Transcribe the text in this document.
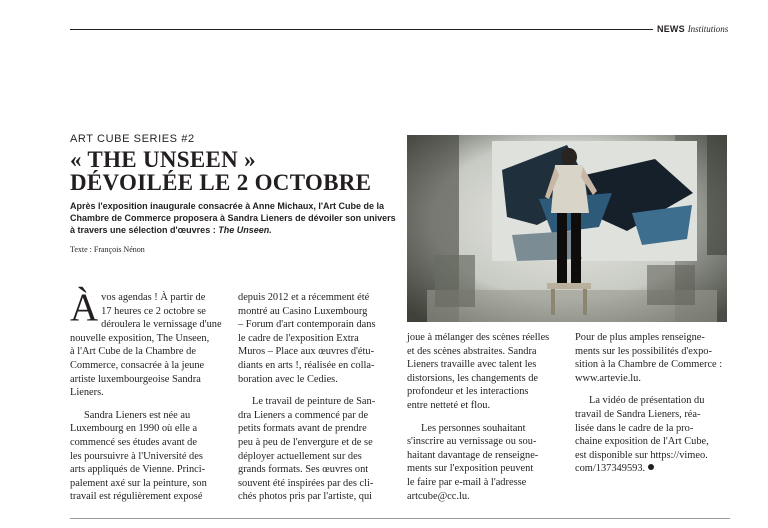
NEWS Institutions
ART CUBE SERIES #2
« THE UNSEEN »
DÉVOILÉE LE 2 OCTOBRE
Après l'exposition inaugurale consacrée à Anne Michaux, l'Art Cube de la Chambre de Commerce proposera à Sandra Lieners de dévoiler son univers à travers une sélection d'œuvres : The Unseen.
Texte : François Nénon

À vos agendas ! À partir de
17 heures ce 2 octobre se
déroulera le vernissage d'une
nouvelle exposition, The Unseen,
à l'Art Cube de la Chambre de
Commerce, consacrée à la jeune
artiste luxembourgeoise Sandra
Lieners.

Sandra Lieners est née au
Luxembourg en 1990 où elle a
commencé ses études avant de
les poursuivre à l'Université des
arts appliqués de Vienne. Princi-
palement axé sur la peinture, son
travail est régulièrement exposé

depuis 2012 et a récemment été
montré au Casino Luxembourg
– Forum d'art contemporain dans
le cadre de l'exposition Extra
Muros – Place aux œuvres d'étu-
diants en arts !, réalisée en colla-
boration avec le Cedies.

Le travail de peinture de San-
dra Lieners a commencé par de
petits formats avant de prendre
peu à peu de l'envergure et de se
déployer actuellement sur des
grands formats. Ses œuvres ont
souvent été inspirées par des cli-
chés photos pris par l'artiste, qui

joue à mélanger des scènes réelles
et des scènes abstraites. Sandra
Lieners travaille avec talent les
distorsions, les changements de
profondeur et les interactions
entre netteté et flou.

Les personnes souhaitant
s'inscrire au vernissage ou sou-
haitant davantage de renseigne-
ments sur l'exposition peuvent
le faire par e-mail à l'adresse
artcube@cc.lu.

Pour de plus amples renseigne-
ments sur les possibilités d'expo-
sition à la Chambre de Commerce :
www.artevie.lu.

La vidéo de présentation du
travail de Sandra Lieners, réa-
lisée dans le cadre de la pro-
chaine exposition de l'Art Cube,
est disponible sur https://vimeo.
com/137349593.
